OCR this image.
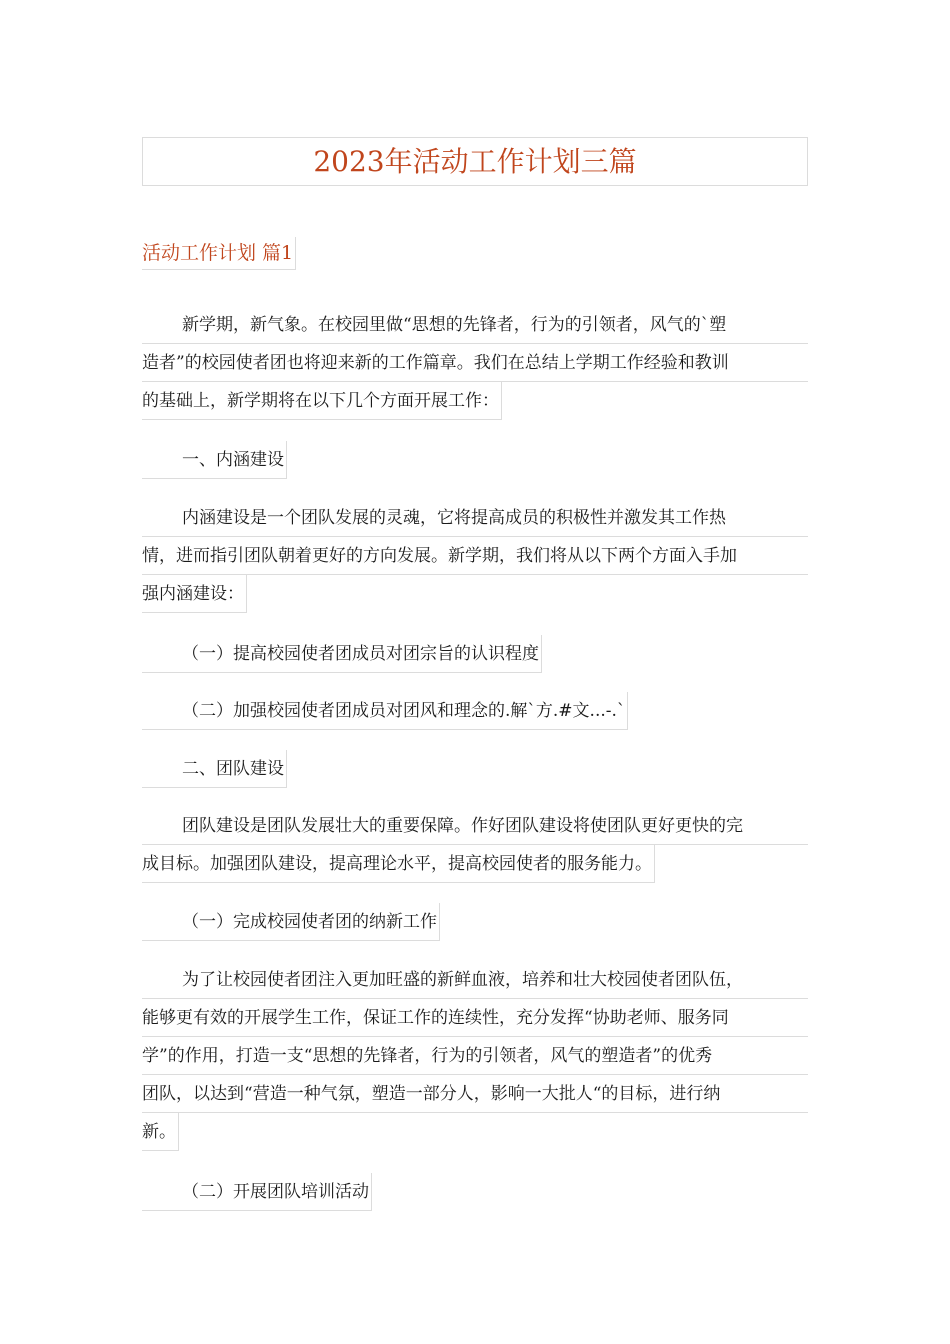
2023年活动工作计划三篇
活动工作计划 篇1
新学期，新气象。在校园里做“思想的先锋者，行为的引领者，风气的`塑
造者”的校园使者团也将迎来新的工作篇章。我们在总结上学期工作经验和教训
的基础上，新学期将在以下几个方面开展工作：
一、内涵建设
内涵建设是一个团队发展的灵魂，它将提高成员的积极性并激发其工作热
情，进而指引团队朝着更好的方向发展。新学期，我们将从以下两个方面入手加
强内涵建设：
（一）提高校园使者团成员对团宗旨的认识程度
（二）加强校园使者团成员对团风和理念的.解`方.#文...-.`
二、团队建设
团队建设是团队发展壮大的重要保障。作好团队建设将使团队更好更快的完
成目标。加强团队建设，提高理论水平，提高校园使者的服务能力。
（一）完成校园使者团的纳新工作
为了让校园使者团注入更加旺盛的新鲜血液，培养和壮大校园使者团队伍，
能够更有效的开展学生工作，保证工作的连续性，充分发挥“协助老师、服务同
学”的作用，打造一支“思想的先锋者，行为的引领者，风气的塑造者”的优秀
团队，以达到“营造一种气氛，塑造一部分人，影响一大批人“的目标，进行纳
新。
（二）开展团队培训活动
